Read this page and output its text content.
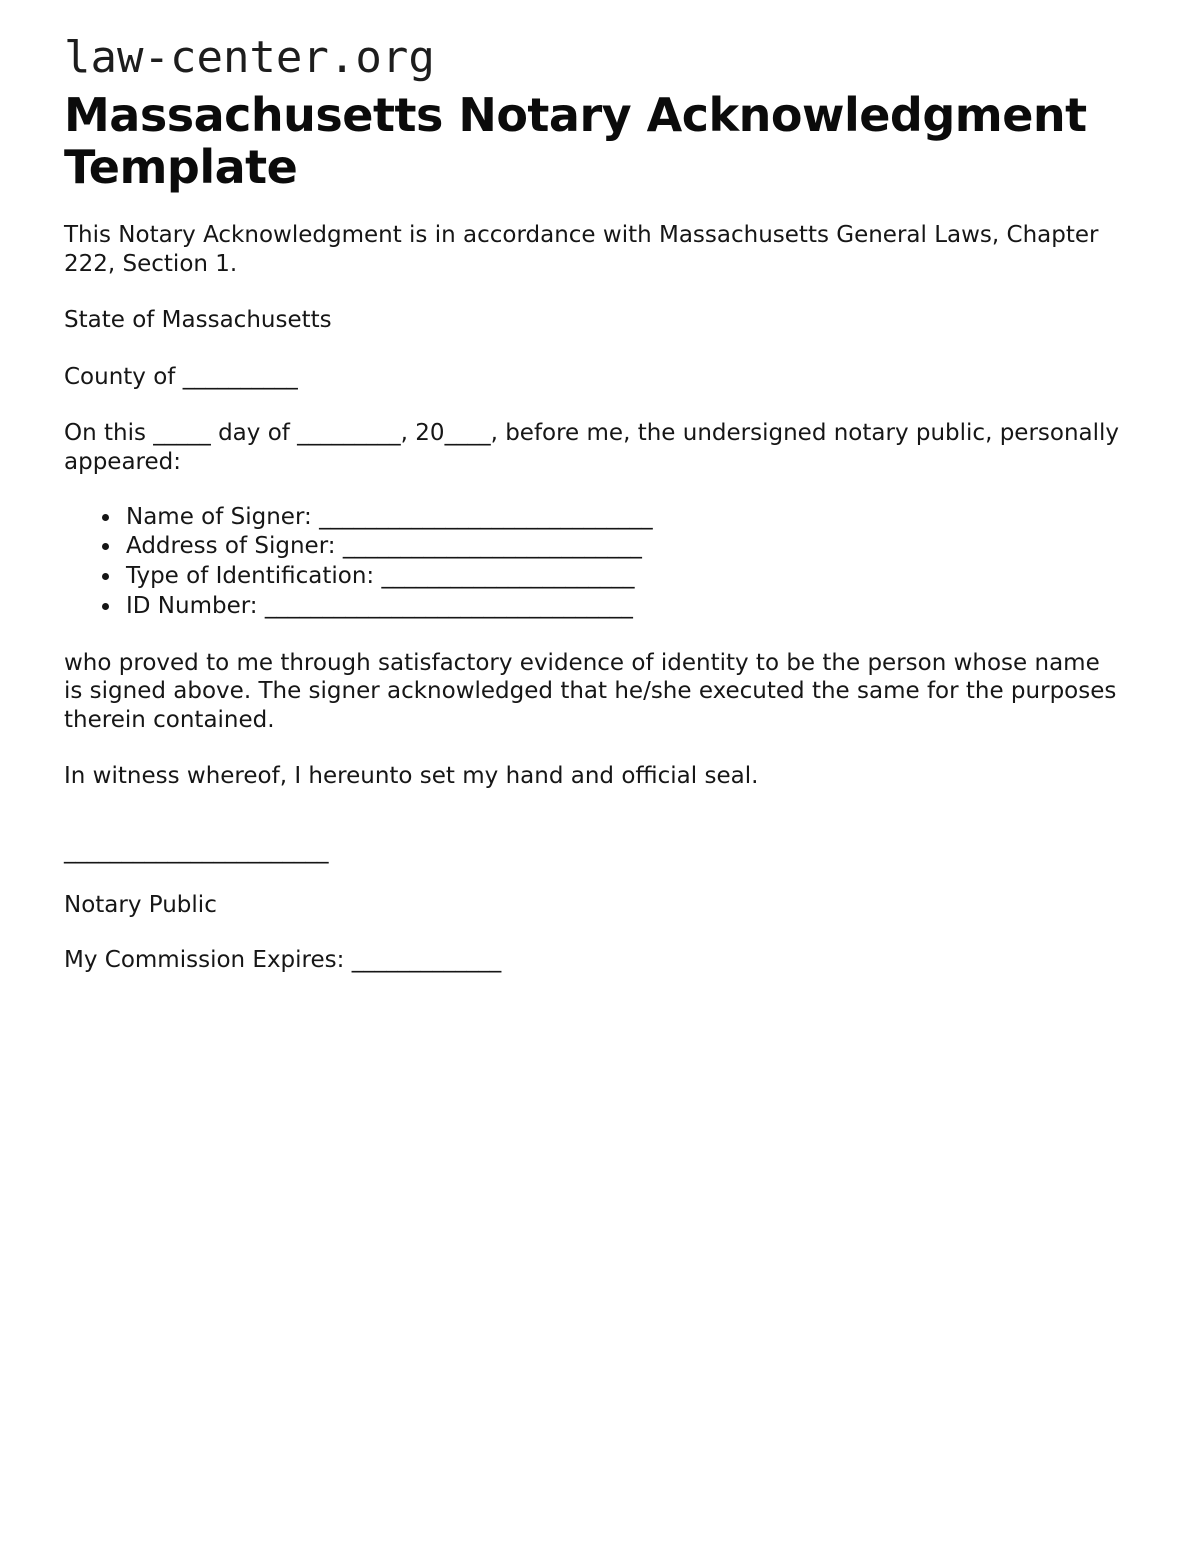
law-center.org
Massachusetts Notary Acknowledgment Template

This Notary Acknowledgment is in accordance with Massachusetts General Laws, Chapter 222, Section 1.

State of Massachusetts

County of __________

On this _____ day of _________, 20____, before me, the undersigned notary public, personally appeared:

• Name of Signer: _____________________________
• Address of Signer: __________________________
• Type of Identification: ______________________
• ID Number: ________________________________

who proved to me through satisfactory evidence of identity to be the person whose name is signed above. The signer acknowledged that he/she executed the same for the purposes therein contained.

In witness whereof, I hereunto set my hand and official seal.

_______________________

Notary Public

My Commission Expires: _____________
